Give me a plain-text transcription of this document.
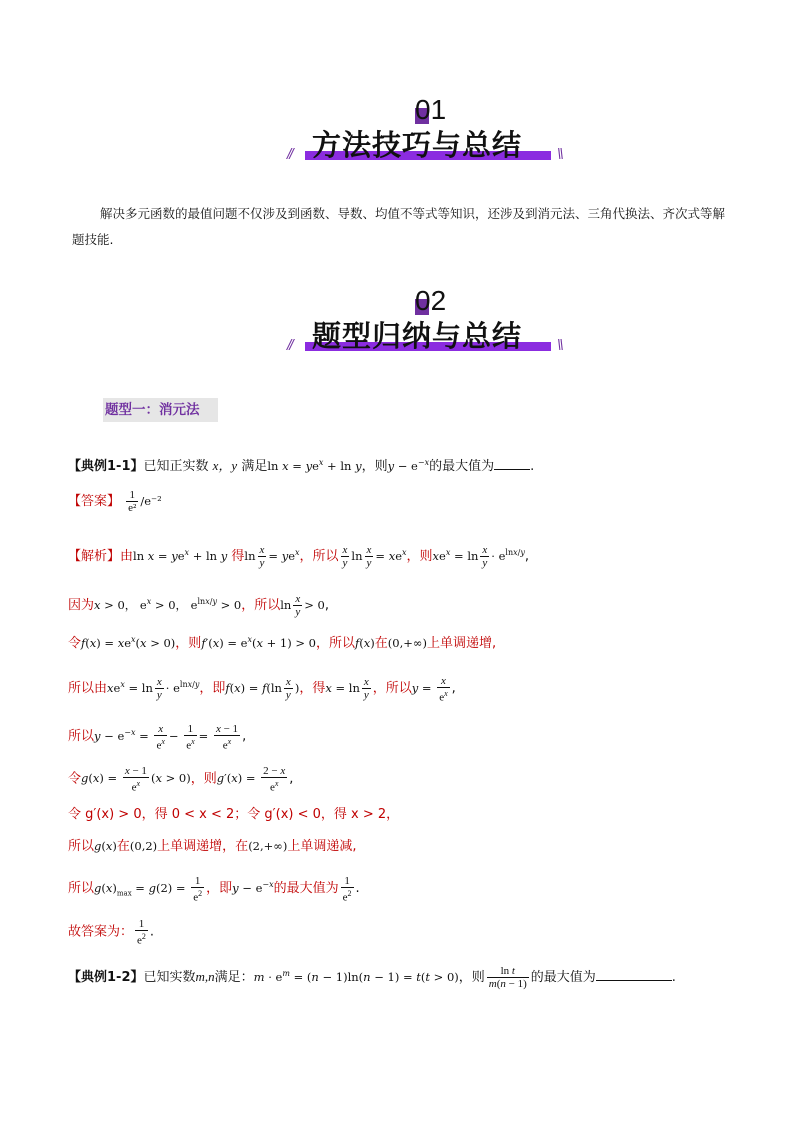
01
方法技巧与总结
//	\\
解决多元函数的最值问题不仅涉及到函数、导数、均值不等式等知识，还涉及到消元法、三角代换法、齐次式等解题技能.
02
题型归纳与总结
//	\\
题型一：消元法
【典例1-1】已知正实数 x，y 满足$\ln x = ye^x + \ln y$，则$y - e^{-x}$的最大值为	.
【答案】 $\frac{1}{\text{e²}} /e^{-2}$
【解析】由$\ln x = ye^x + \ln y$ 得$\ln \frac{x}{y} = ye^x$，所以 $\frac{x}{y}$ $\ln \frac{x}{y} = xe^x$，则$xe^x = \ln \frac{x}{y} \cdot e^{lnx/y}$,
因为x > 0， $e^x > 0$， $e^{lnx/y} > 0$，所以$\ln \frac{x}{y} > 0$,
令$f(x) = xe^x(x > 0)$，则$f'(x) = e^x(x + 1) > 0$，所以f(x)在(0,+∞)上单调递增,
所以由$xe^x = \ln \frac{x}{y} \cdot e^{lnx/y}$，即$f(x) = f(\ln \frac{x}{y}$ )，得$x = \ln \frac{x}{y}$ ，所以$y = \frac{x}{e^x}$ ,
所以$y - e^{-x} = \frac{x}{e^x} - \frac{1}{e^x} = \frac{x - 1}{e^x}$ ,
令$g(x) = \frac{x - 1}{e^x} (x > 0)$，则$g'(x) = \frac{2 - x}{e^x}$ ,
令 g′(x) > 0，得 0 < x < 2；令 g′(x) < 0，得 x > 2，
所以g(x)在(0,2)上单调递增，在(2,+∞)上单调递减,
所以$g(x)_{max} = g(2) = \frac{1}{e^2}$ ，即$y - e^{-x}$的最大值为 $\frac{1}{e^2}$ .
故答案为： $\frac{1}{e^2}$ .
【典例1-2】已知实数m,n满足：$m \cdot e^m = (n - 1)\ln(n - 1) = t(t > 0)$，则 $\frac{\text{ln t}}{m(n - 1)}$ 的最大值为	.
